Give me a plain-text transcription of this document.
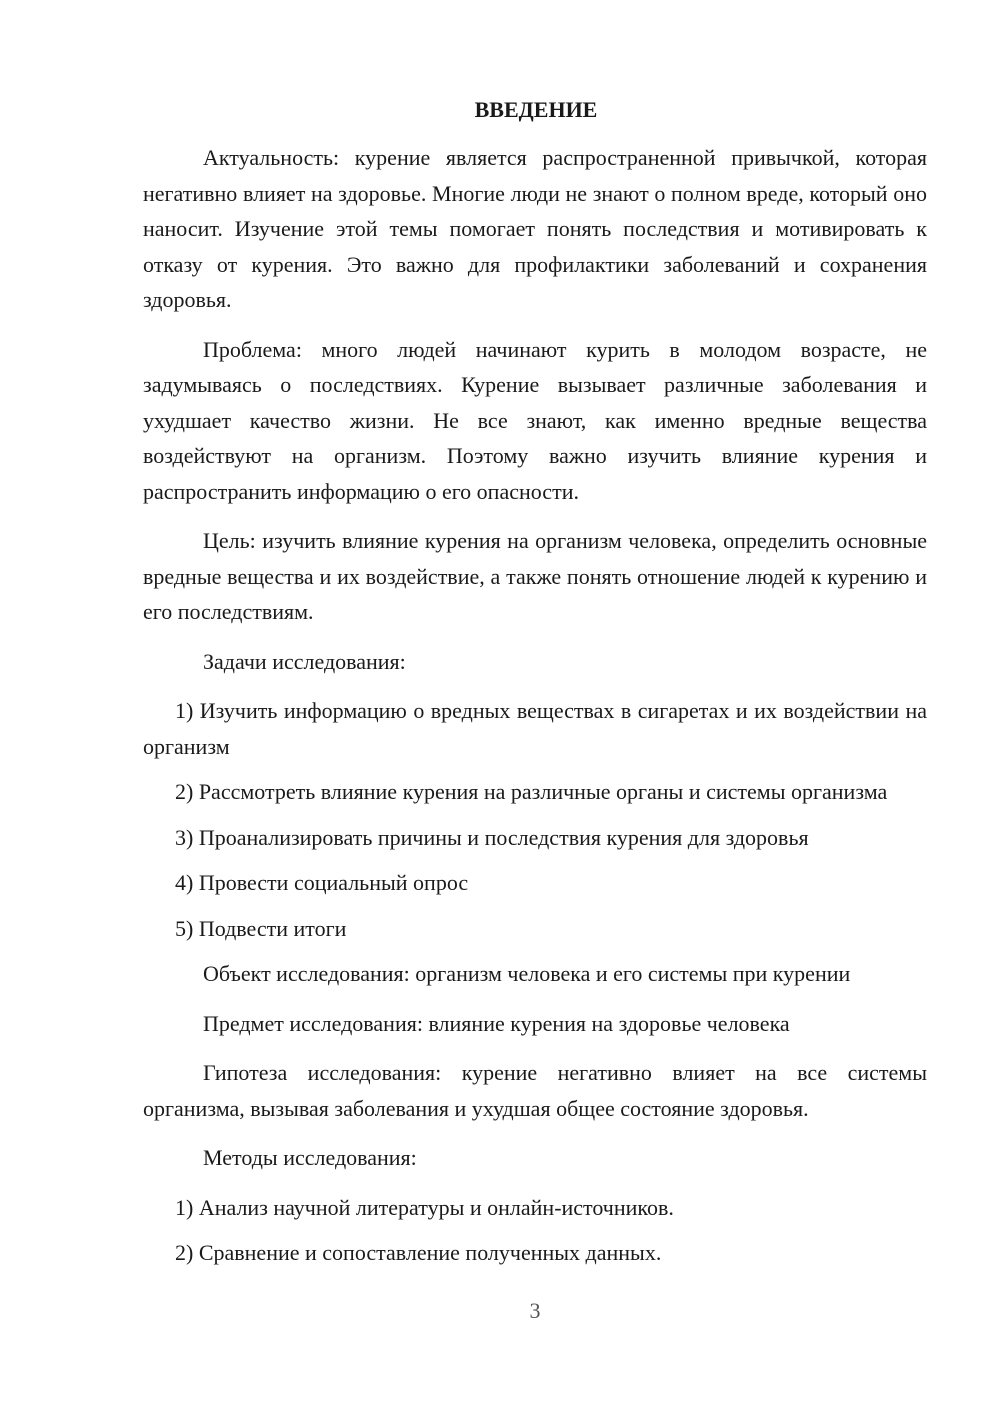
ВВЕДЕНИЕ

Актуальность: курение является распространенной привычкой, которая негативно влияет на здоровье. Многие люди не знают о полном вреде, который оно наносит. Изучение этой темы помогает понять последствия и мотивировать к отказу от курения. Это важно для профилактики заболеваний и сохранения здоровья.

Проблема: много людей начинают курить в молодом возрасте, не задумываясь о последствиях. Курение вызывает различные заболевания и ухудшает качество жизни. Не все знают, как именно вредные вещества воздействуют на организм. Поэтому важно изучить влияние курения и распространить информацию о его опасности.

Цель: изучить влияние курения на организм человека, определить основные вредные вещества и их воздействие, а также понять отношение людей к курению и его последствиям.

Задачи исследования:

1) Изучить информацию о вредных веществах в сигаретах и их воздействии на организм

2) Рассмотреть влияние курения на различные органы и системы организма

3) Проанализировать причины и последствия курения для здоровья

4) Провести социальный опрос

5) Подвести итоги

Объект исследования: организм человека и его системы при курении

Предмет исследования: влияние курения на здоровье человека

Гипотеза исследования: курение негативно влияет на все системы организма, вызывая заболевания и ухудшая общее состояние здоровья.

Методы исследования:

1) Анализ научной литературы и онлайн-источников.

2) Сравнение и сопоставление полученных данных.

3
